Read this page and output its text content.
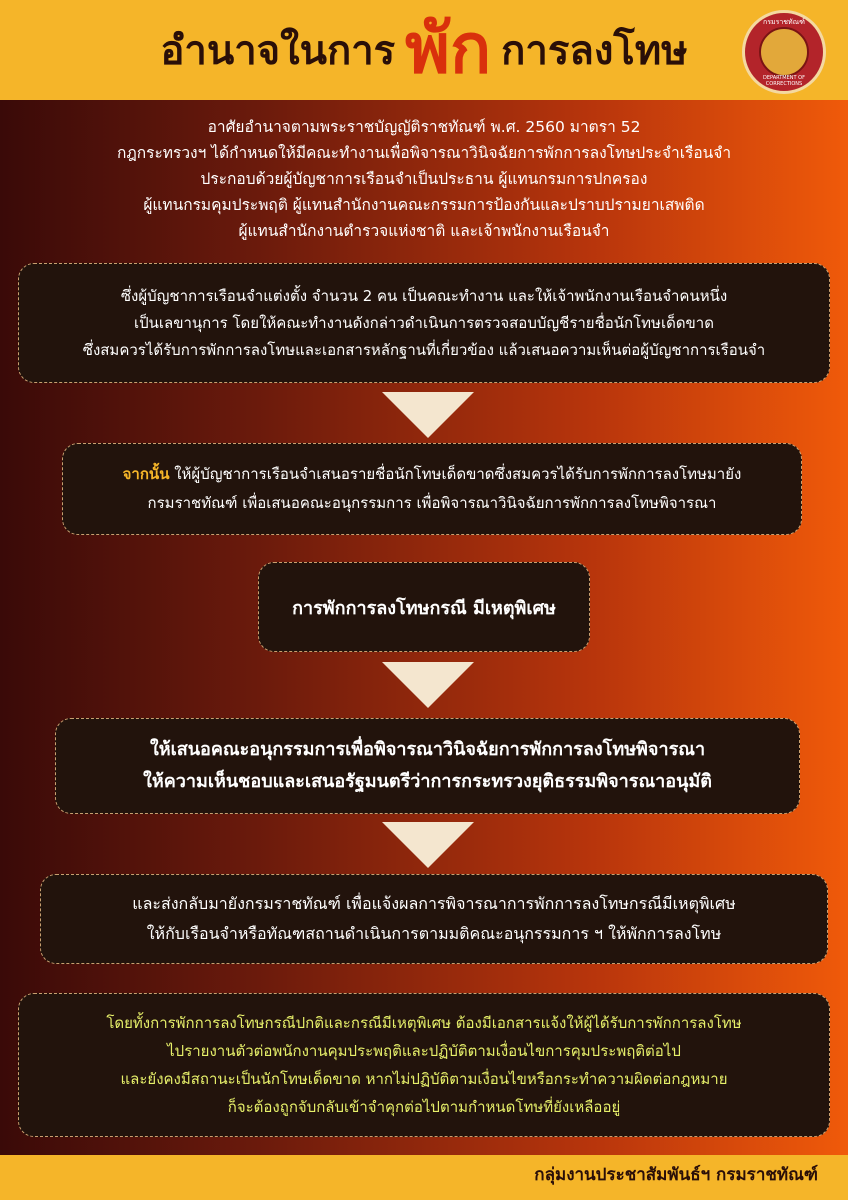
อำนาจในการ พัก การลงโทษ
กรมราชทัณฑ์
DEPARTMENT OF CORRECTIONS
อาศัยอำนาจตามพระราชบัญญัติราชทัณฑ์ พ.ศ. 2560 มาตรา 52
กฎกระทรวงฯ ได้กำหนดให้มีคณะทำงานเพื่อพิจารณาวินิจฉัยการพักการลงโทษประจำเรือนจำ
ประกอบด้วยผู้บัญชาการเรือนจำเป็นประธาน ผู้แทนกรมการปกครอง
ผู้แทนกรมคุมประพฤติ ผู้แทนสำนักงานคณะกรรมการป้องกันและปราบปรามยาเสพติด
ผู้แทนสำนักงานตำรวจแห่งชาติ และเจ้าพนักงานเรือนจำ
ซึ่งผู้บัญชาการเรือนจำแต่งตั้ง จำนวน 2 คน เป็นคณะทำงาน และให้เจ้าพนักงานเรือนจำคนหนึ่ง
เป็นเลขานุการ โดยให้คณะทำงานดังกล่าวดำเนินการตรวจสอบบัญชีรายชื่อนักโทษเด็ดขาด
ซึ่งสมควรได้รับการพักการลงโทษและเอกสารหลักฐานที่เกี่ยวข้อง แล้วเสนอความเห็นต่อผู้บัญชาการเรือนจำ
จากนั้น ให้ผู้บัญชาการเรือนจำเสนอรายชื่อนักโทษเด็ดขาดซึ่งสมควรได้รับการพักการลงโทษมายัง
กรมราชทัณฑ์ เพื่อเสนอคณะอนุกรรมการ เพื่อพิจารณาวินิจฉัยการพักการลงโทษพิจารณา
การพักการลงโทษกรณี มีเหตุพิเศษ
ให้เสนอคณะอนุกรรมการเพื่อพิจารณาวินิจฉัยการพักการลงโทษพิจารณา
ให้ความเห็นชอบและเสนอรัฐมนตรีว่าการกระทรวงยุติธรรมพิจารณาอนุมัติ
และส่งกลับมายังกรมราชทัณฑ์ เพื่อแจ้งผลการพิจารณาการพักการลงโทษกรณีมีเหตุพิเศษ
ให้กับเรือนจำหรือทัณฑสถานดำเนินการตามมติคณะอนุกรรมการ ฯ ให้พักการลงโทษ
โดยทั้งการพักการลงโทษกรณีปกติและกรณีมีเหตุพิเศษ ต้องมีเอกสารแจ้งให้ผู้ได้รับการพักการลงโทษ
ไปรายงานตัวต่อพนักงานคุมประพฤติและปฏิบัติตามเงื่อนไขการคุมประพฤติต่อไป
และยังคงมีสถานะเป็นนักโทษเด็ดขาด หากไม่ปฏิบัติตามเงื่อนไขหรือกระทำความผิดต่อกฎหมาย
ก็จะต้องถูกจับกลับเข้าจำคุกต่อไปตามกำหนดโทษที่ยังเหลืออยู่
กลุ่มงานประชาสัมพันธ์ฯ กรมราชทัณฑ์
